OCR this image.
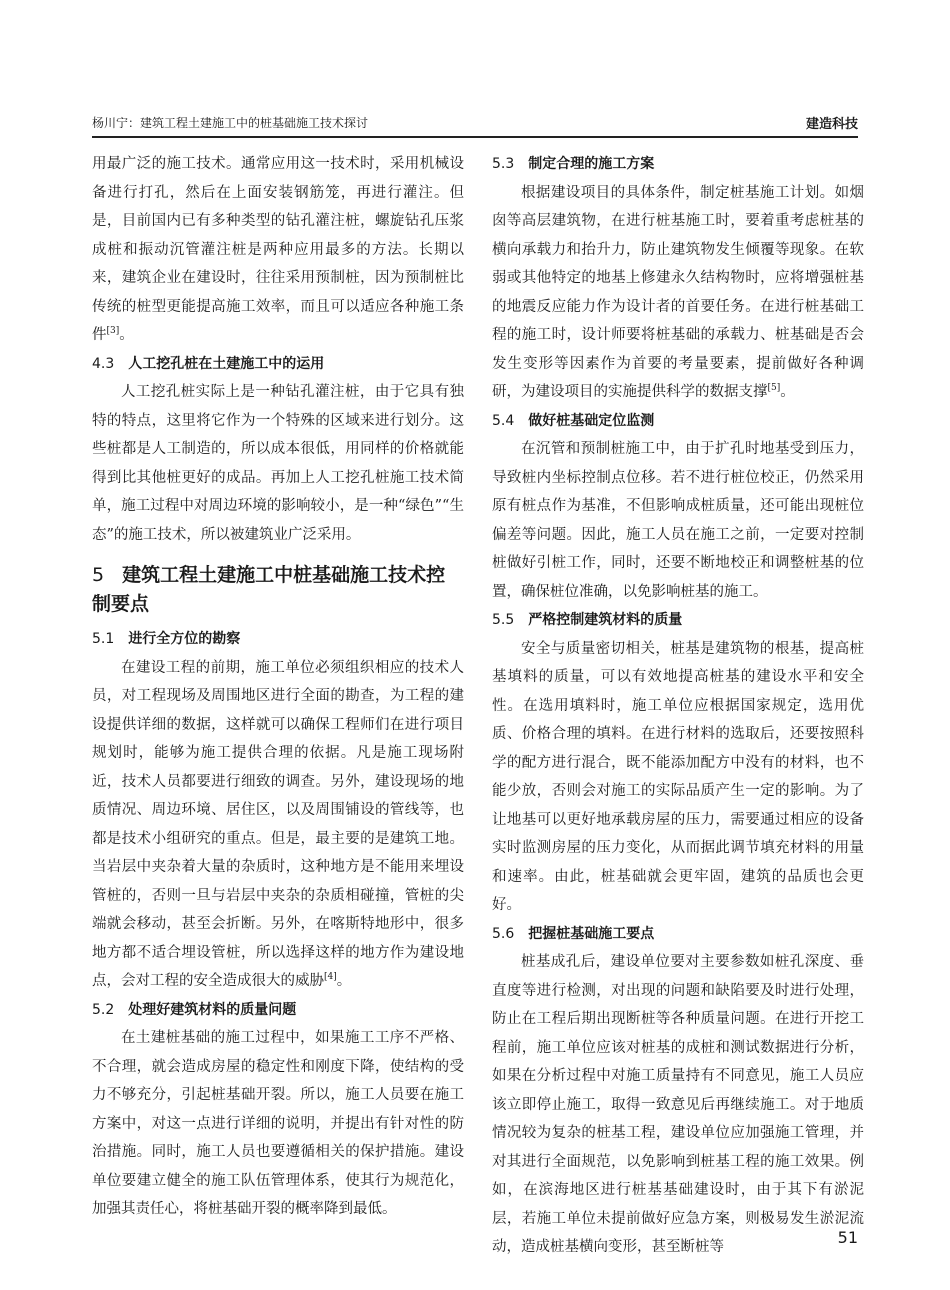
杨川宁：建筑工程土建施工中的桩基础施工技术探讨	建造科技

用最广泛的施工技术。通常应用这一技术时，采用机械设备进行打孔，然后在上面安装钢筋笼，再进行灌注。但是，目前国内已有多种类型的钻孔灌注桩，螺旋钻孔压浆成桩和振动沉管灌注桩是两种应用最多的方法。长期以来，建筑企业在建设时，往往采用预制桩，因为预制桩比传统的桩型更能提高施工效率，而且可以适应各种施工条件[3]。

4.3 人工挖孔桩在土建施工中的运用

人工挖孔桩实际上是一种钻孔灌注桩，由于它具有独特的特点，这里将它作为一个特殊的区域来进行划分。这些桩都是人工制造的，所以成本很低，用同样的价格就能得到比其他桩更好的成品。再加上人工挖孔桩施工技术简单，施工过程中对周边环境的影响较小，是一种“绿色”“生态”的施工技术，所以被建筑业广泛采用。

5 建筑工程土建施工中桩基础施工技术控制要点
5.1 进行全方位的勘察

在建设工程的前期，施工单位必须组织相应的技术人员，对工程现场及周围地区进行全面的勘查，为工程的建设提供详细的数据，这样就可以确保工程师们在进行项目规划时，能够为施工提供合理的依据。凡是施工现场附近，技术人员都要进行细致的调查。另外，建设现场的地质情况、周边环境、居住区，以及周围铺设的管线等，也都是技术小组研究的重点。但是，最主要的是建筑工地。当岩层中夹杂着大量的杂质时，这种地方是不能用来埋设管桩的，否则一旦与岩层中夹杂的杂质相碰撞，管桩的尖端就会移动，甚至会折断。另外，在喀斯特地形中，很多地方都不适合埋设管桩，所以选择这样的地方作为建设地点，会对工程的安全造成很大的威胁[4]。

5.2 处理好建筑材料的质量问题

在土建桩基础的施工过程中，如果施工工序不严格、不合理，就会造成房屋的稳定性和刚度下降，使结构的受力不够充分，引起桩基础开裂。所以，施工人员要在施工方案中，对这一点进行详细的说明，并提出有针对性的防治措施。同时，施工人员也要遵循相关的保护措施。建设单位要建立健全的施工队伍管理体系，使其行为规范化，加强其责任心，将桩基础开裂的概率降到最低。

5.3 制定合理的施工方案

根据建设项目的具体条件，制定桩基施工计划。如烟囱等高层建筑物，在进行桩基施工时，要着重考虑桩基的横向承载力和抬升力，防止建筑物发生倾覆等现象。在软弱或其他特定的地基上修建永久结构物时，应将增强桩基的地震反应能力作为设计者的首要任务。在进行桩基础工程的施工时，设计师要将桩基础的承载力、桩基础是否会发生变形等因素作为首要的考量要素，提前做好各种调研，为建设项目的实施提供科学的数据支撑[5]。

5.4 做好桩基础定位监测

在沉管和预制桩施工中，由于扩孔时地基受到压力，导致桩内坐标控制点位移。若不进行桩位校正，仍然采用原有桩点作为基准，不但影响成桩质量，还可能出现桩位偏差等问题。因此，施工人员在施工之前，一定要对控制桩做好引桩工作，同时，还要不断地校正和调整桩基的位置，确保桩位准确，以免影响桩基的施工。

5.5 严格控制建筑材料的质量

安全与质量密切相关，桩基是建筑物的根基，提高桩基填料的质量，可以有效地提高桩基的建设水平和安全性。在选用填料时，施工单位应根据国家规定，选用优质、价格合理的填料。在进行材料的选取后，还要按照科学的配方进行混合，既不能添加配方中没有的材料，也不能少放，否则会对施工的实际品质产生一定的影响。为了让地基可以更好地承载房屋的压力，需要通过相应的设备实时监测房屋的压力变化，从而据此调节填充材料的用量和速率。由此，桩基础就会更牢固，建筑的品质也会更好。

5.6 把握桩基础施工要点

桩基成孔后，建设单位要对主要参数如桩孔深度、垂直度等进行检测，对出现的问题和缺陷要及时进行处理，防止在工程后期出现断桩等各种质量问题。在进行开挖工程前，施工单位应该对桩基的成桩和测试数据进行分析，如果在分析过程中对施工质量持有不同意见，施工人员应该立即停止施工，取得一致意见后再继续施工。对于地质情况较为复杂的桩基工程，建设单位应加强施工管理，并对其进行全面规范，以免影响到桩基工程的施工效果。例如，在滨海地区进行桩基基础建设时，由于其下有淤泥层，若施工单位未提前做好应急方案，则极易发生淤泥流动，造成桩基横向变形，甚至断桩等	51
